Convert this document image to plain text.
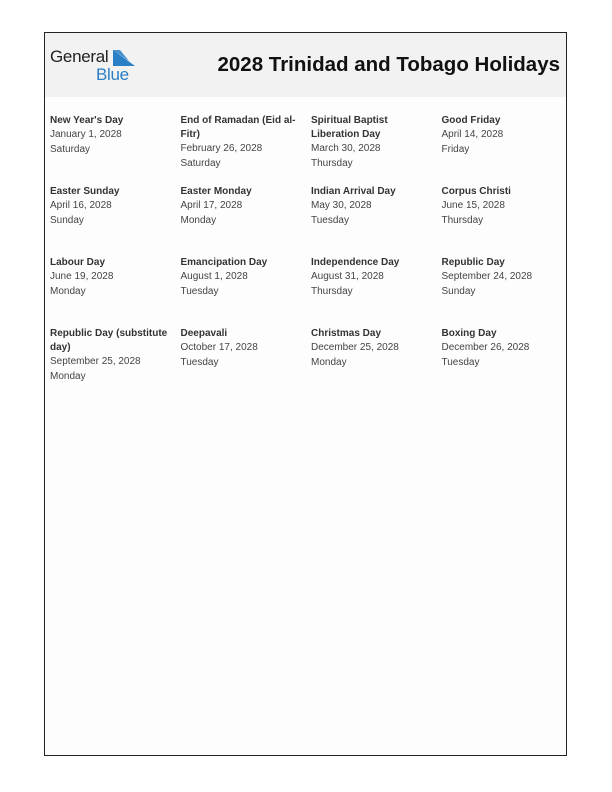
General
Blue	2028 Trinidad and Tobago Holidays
New Year's Day
January 1, 2028
Saturday
End of Ramadan (Eid al-Fitr)
February 26, 2028
Saturday
Spiritual Baptist Liberation Day
March 30, 2028
Thursday
Good Friday
April 14, 2028
Friday
Easter Sunday
April 16, 2028
Sunday
Easter Monday
April 17, 2028
Monday
Indian Arrival Day
May 30, 2028
Tuesday
Corpus Christi
June 15, 2028
Thursday
Labour Day
June 19, 2028
Monday
Emancipation Day
August 1, 2028
Tuesday
Independence Day
August 31, 2028
Thursday
Republic Day
September 24, 2028
Sunday
Republic Day (substitute day)
September 25, 2028
Monday
Deepavali
October 17, 2028
Tuesday
Christmas Day
December 25, 2028
Monday
Boxing Day
December 26, 2028
Tuesday
